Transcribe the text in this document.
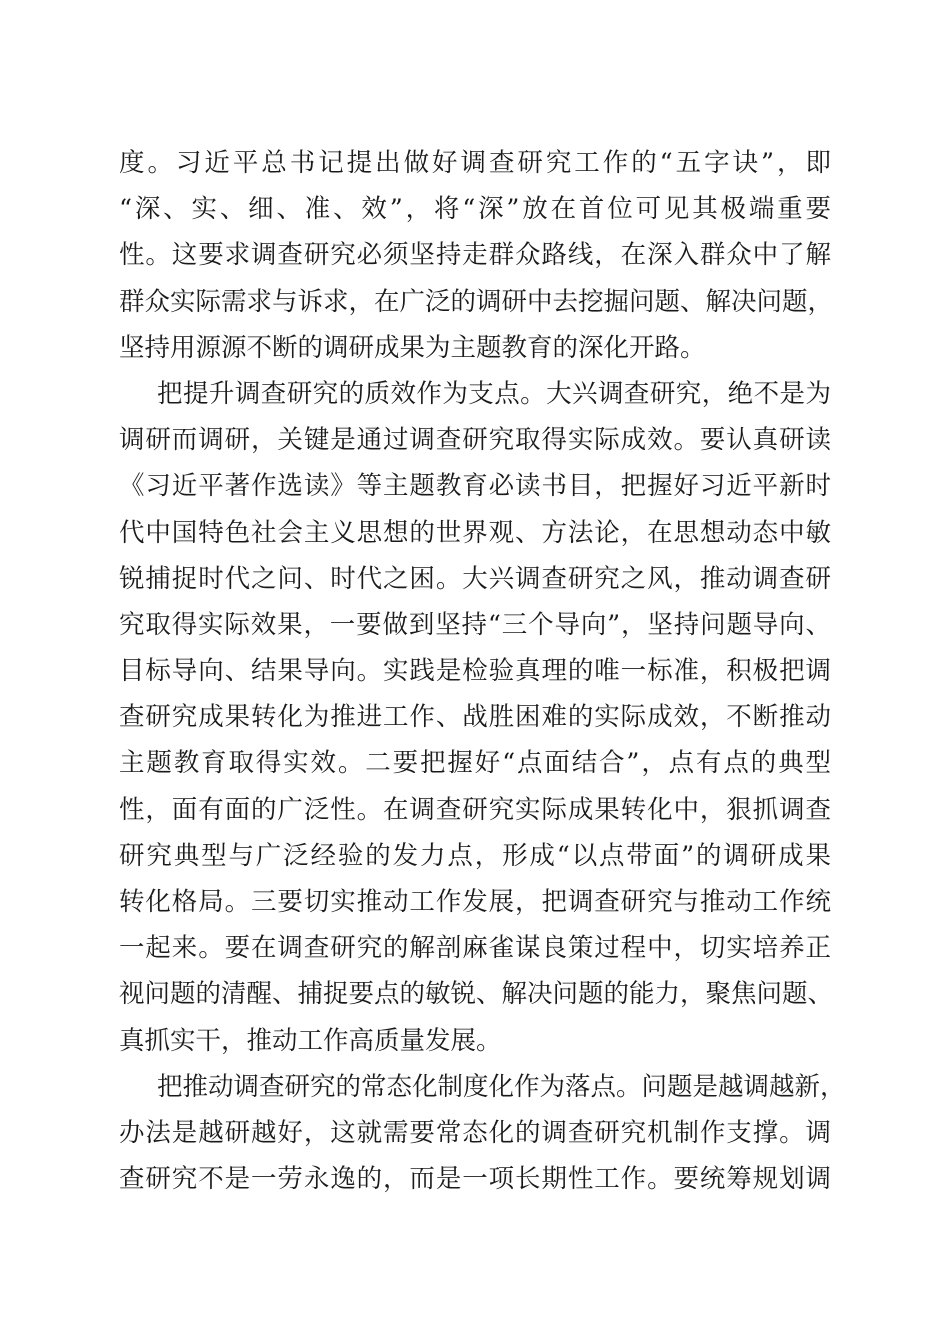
度。习近平总书记提出做好调查研究工作的“五字诀”，即
“深、实、细、准、效”，将“深”放在首位可见其极端重要
性。这要求调查研究必须坚持走群众路线，在深入群众中了解
群众实际需求与诉求，在广泛的调研中去挖掘问题、解决问题，
坚持用源源不断的调研成果为主题教育的深化开路。
把提升调查研究的质效作为支点。大兴调查研究，绝不是为
调研而调研，关键是通过调查研究取得实际成效。要认真研读
《习近平著作选读》等主题教育必读书目，把握好习近平新时
代中国特色社会主义思想的世界观、方法论，在思想动态中敏
锐捕捉时代之问、时代之困。大兴调查研究之风，推动调查研
究取得实际效果，一要做到坚持“三个导向”，坚持问题导向、
目标导向、结果导向。实践是检验真理的唯一标准，积极把调
查研究成果转化为推进工作、战胜困难的实际成效，不断推动
主题教育取得实效。二要把握好“点面结合”，点有点的典型
性，面有面的广泛性。在调查研究实际成果转化中，狠抓调查
研究典型与广泛经验的发力点，形成“以点带面”的调研成果
转化格局。三要切实推动工作发展，把调查研究与推动工作统
一起来。要在调查研究的解剖麻雀谋良策过程中，切实培养正
视问题的清醒、捕捉要点的敏锐、解决问题的能力，聚焦问题、
真抓实干，推动工作高质量发展。
把推动调查研究的常态化制度化作为落点。问题是越调越新，
办法是越研越好，这就需要常态化的调查研究机制作支撑。调
查研究不是一劳永逸的，而是一项长期性工作。要统筹规划调
